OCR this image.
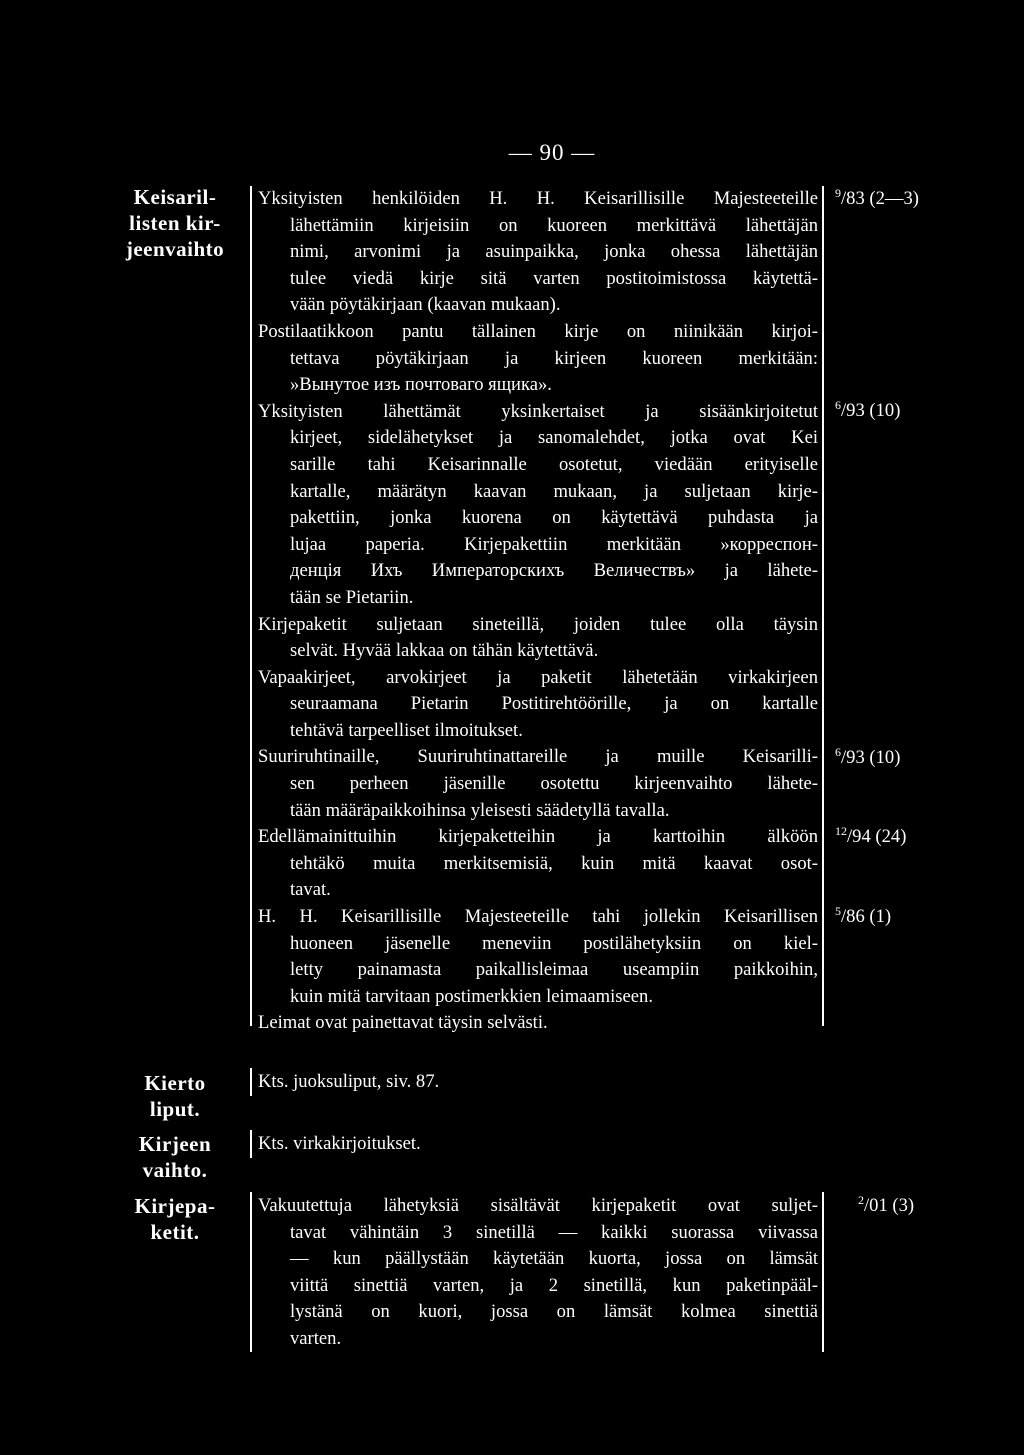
— 90 —
Keisaril-
listen kir-
jeenvaihto

Yksityisten henkilöiden H. H. Keisarillisille Majesteeteille
lähettämiin kirjeisiin on kuoreen merkittävä lähettäjän
nimi, arvonimi ja asuinpaikka, jonka ohessa lähettäjän
tulee viedä kirje sitä varten postitoimistossa käytettä-
vään pöytäkirjaan (kaavan mukaan).

Postilaatikkoon pantu tällainen kirje on niinikään kirjoi-
tettava pöytäkirjaan ja kirjeen kuoreen merkitään:
»Вынутое изъ почтоваго ящика».

Yksityisten lähettämät yksinkertaiset ja sisäänkirjoitetut
kirjeet, sidelähetykset ja sanomalehdet, jotka ovat Kei
sarille tahi Keisarinnalle osotetut, viedään erityiselle
kartalle, määrätyn kaavan mukaan, ja suljetaan kirje-
pakettiin, jonka kuorena on käytettävä puhdasta ja
lujaa paperia. Kirjepakettiin merkitään »корреспон-
денція Ихъ Императорскихъ Величествъ» ja lähete-
tään se Pietariin.

Kirjepaketit suljetaan sineteillä, joiden tulee olla täysin
selvät. Hyvää lakkaa on tähän käytettävä.

Vapaakirjeet, arvokirjeet ja paketit lähetetään virkakirjeen
seuraamana Pietarin Postitirehtöörille, ja on kartalle
tehtävä tarpeelliset ilmoitukset.

Suuriruhtinaille, Suuriruhtinattareille ja muille Keisarilli-
sen perheen jäsenille osotettu kirjeenvaihto lähete-
tään määräpaikkoihinsa yleisesti säädetyllä tavalla.

Edellämainittuihin kirjepaketteihin ja karttoihin älköön
tehtäkö muita merkitsemisiä, kuin mitä kaavat osot-
tavat.

H. H. Keisarillisille Majesteeteille tahi jollekin Keisarillisen
huoneen jäsenelle meneviin postilähetyksiin on kiel-
letty painamasta paikallisleimaa useampiin paikkoihin,
kuin mitä tarvitaan postimerkkien leimaamiseen.

Leimat ovat painettavat täysin selvästi.

$^9$/83 (2—3)
$^6$/93 (10)
$^6$/93 (10)
$^{12}$/94 (24)
$^5$/86 (1)
Kierto
liput.

Kts. juoksuliput, siv. 87.

Kirjeen
vaihto.

Kts. virkakirjoitukset.

Kirjepa-
ketit.

Vakuutettuja lähetyksiä sisältävät kirjepaketit ovat suljet-
tavat vähintäin 3 sinetillä — kaikki suorassa viivassa
— kun päällystään käytetään kuorta, jossa on lämsät
viittä sinettiä varten, ja 2 sinetillä, kun paketinpääl-
lystänä on kuori, jossa on lämsät kolmea sinettiä
varten.

$^2$/01 (3)
